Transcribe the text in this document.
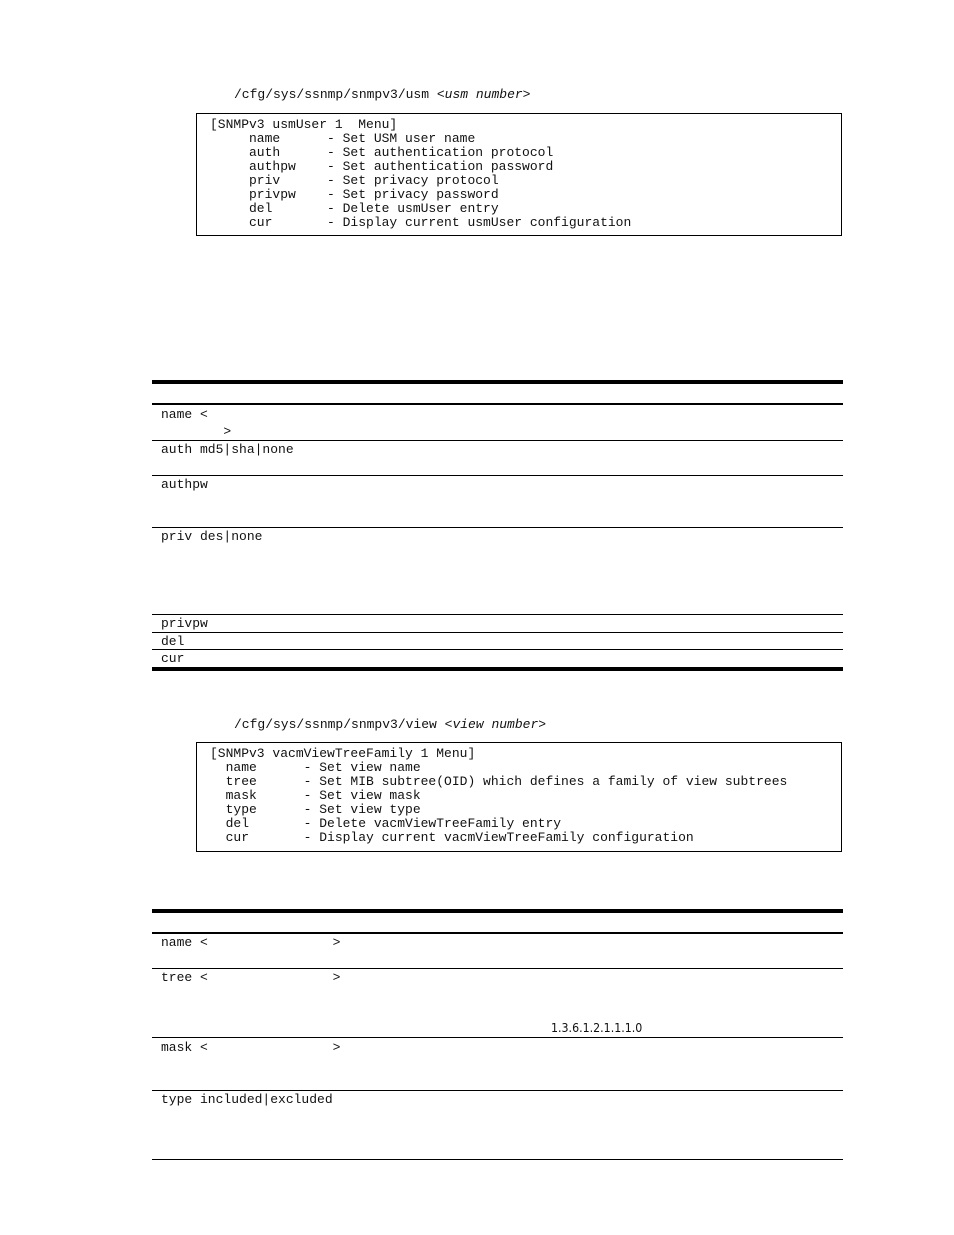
/cfg/sys/ssnmp/snmpv3/usm <usm number>
[SNMPv3 usmUser 1  Menu]
name      - Set USM user name
auth      - Set authentication protocol
authpw    - Set authentication password
priv      - Set privacy protocol
privpw    - Set privacy password
del       - Delete usmUser entry
cur       - Display current usmUser configuration
name <
>
auth md5|sha|none
authpw
priv des|none
privpw
del
cur
/cfg/sys/ssnmp/snmpv3/view <view number>
[SNMPv3 vacmViewTreeFamily 1 Menu]
name      - Set view name
tree      - Set MIB subtree(OID) which defines a family of view subtrees
mask      - Set view mask
type      - Set view type
del       - Delete vacmViewTreeFamily entry
cur       - Display current vacmViewTreeFamily configuration
name <                >
tree <                >
1.3.6.1.2.1.1.1.0
mask <                >
type included|excluded
